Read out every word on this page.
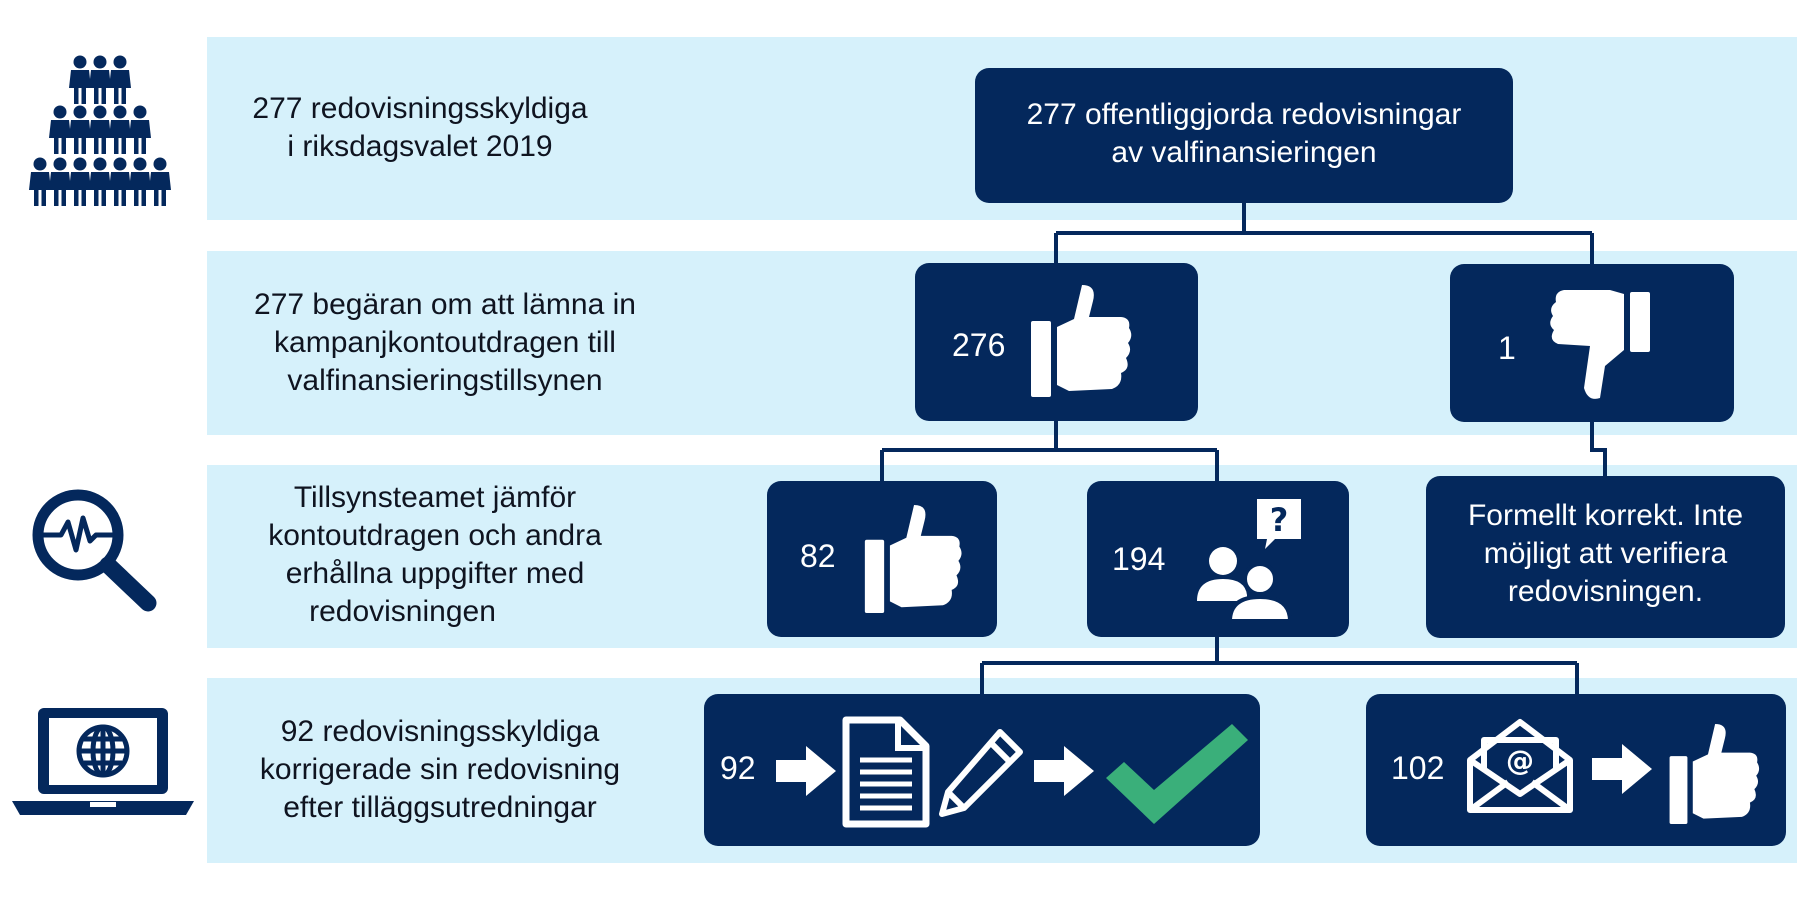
277 redovisningsskyldiga
i riksdagsvalet 2019
277 begäran om att lämna in
kampanjkontoutdragen till
valfinansieringstillsynen
Tillsynsteamet jämför
kontoutdragen och andra
erhållna uppgifter med
redovisningen
92 redovisningsskyldiga
korrigerade sin redovisning
efter tilläggsutredningar
277 offentliggjorda redovisningar
av valfinansieringen
276	1
82	194
?	Formellt korrekt. Inte
möjligt att verifiera
redovisningen.
92	102 @
